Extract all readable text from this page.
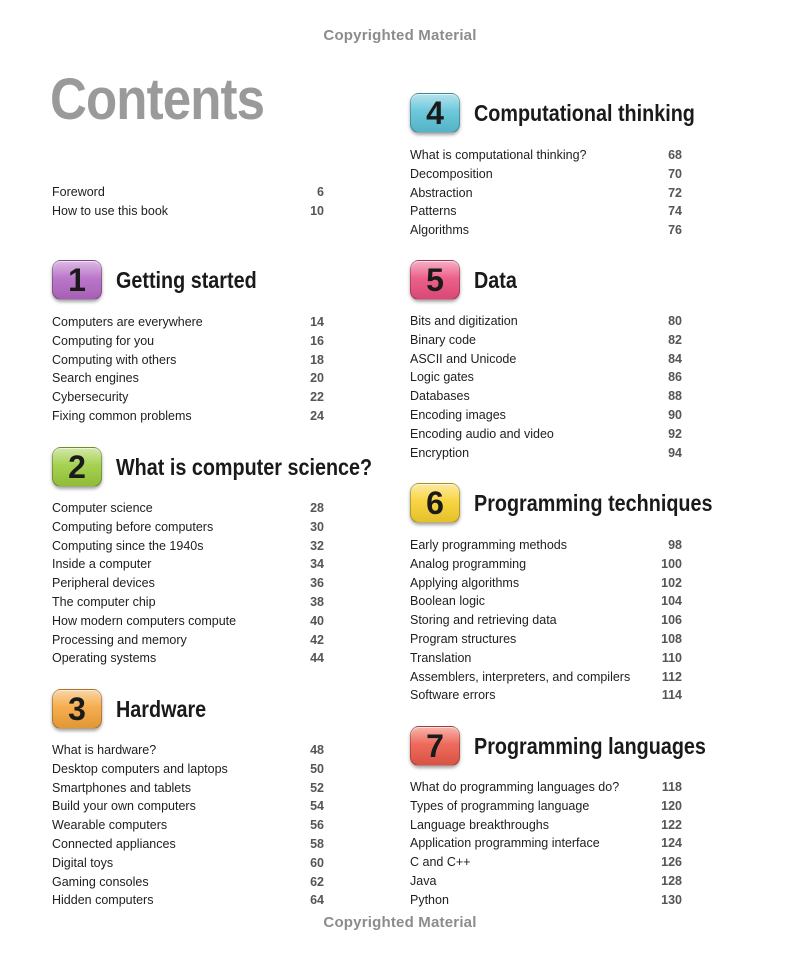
Copyrighted Material
Contents
Foreword	6
How to use this book	10
1	Getting started
Computers are everywhere	14
Computing for you	16
Computing with others	18
Search engines	20
Cybersecurity	22
Fixing common problems	24
2	What is computer science?
Computer science	28
Computing before computers	30
Computing since the 1940s	32
Inside a computer	34
Peripheral devices	36
The computer chip	38
How modern computers compute	40
Processing and memory	42
Operating systems	44
3	Hardware
What is hardware?	48
Desktop computers and laptops	50
Smartphones and tablets	52
Build your own computers	54
Wearable computers	56
Connected appliances	58
Digital toys	60
Gaming consoles	62
Hidden computers	64
4	Computational thinking
What is computational thinking?	68
Decomposition	70
Abstraction	72
Patterns	74
Algorithms	76
5	Data
Bits and digitization	80
Binary code	82
ASCII and Unicode	84
Logic gates	86
Databases	88
Encoding images	90
Encoding audio and video	92
Encryption	94
6	Programming techniques
Early programming methods	98
Analog programming	100
Applying algorithms	102
Boolean logic	104
Storing and retrieving data	106
Program structures	108
Translation	110
Assemblers, interpreters, and compilers	112
Software errors	114
7	Programming languages
What do programming languages do?	118
Types of programming language	120
Language breakthroughs	122
Application programming interface	124
C and C++	126
Java	128
Python	130
Copyrighted Material
